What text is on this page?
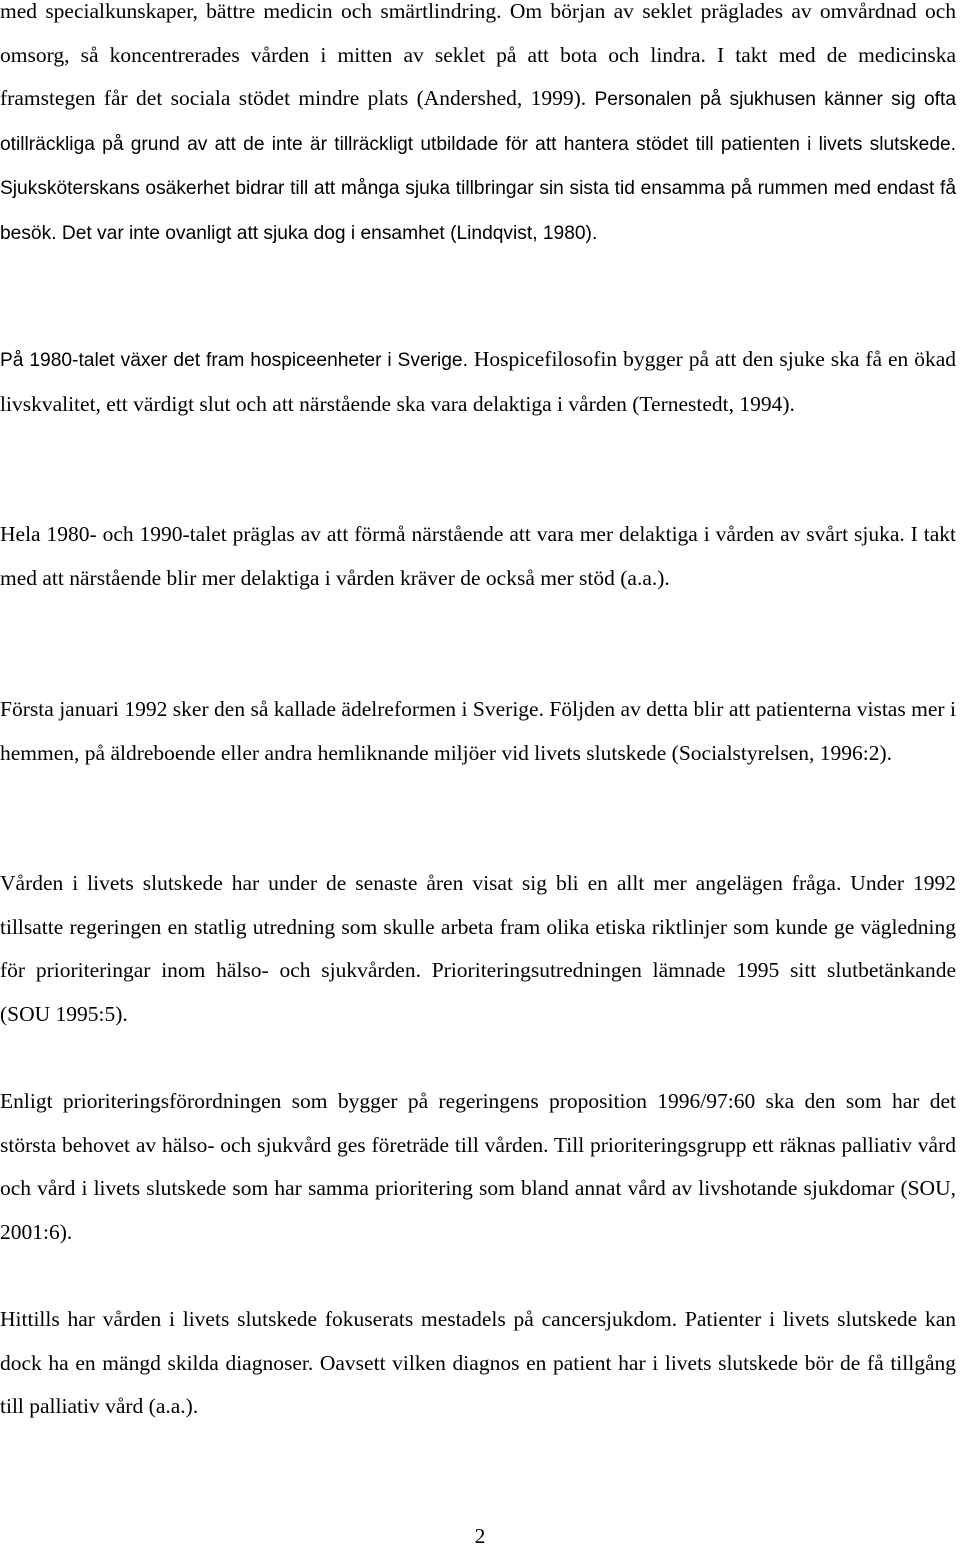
med specialkunskaper, bättre medicin och smärtlindring. Om början av seklet präglades av omvårdnad och omsorg, så koncentrerades vården i mitten av seklet på att bota och lindra. I takt med de medicinska framstegen får det sociala stödet mindre plats (Andershed, 1999). Personalen på sjukhusen känner sig ofta otillräckliga på grund av att de inte är tillräckligt utbildade för att hantera stödet till patienten i livets slutskede. Sjuksköterskans osäkerhet bidrar till att många sjuka tillbringar sin sista tid ensamma på rummen med endast få besök. Det var inte ovanligt att sjuka dog i ensamhet (Lindqvist, 1980).

På 1980-talet växer det fram hospiceenheter i Sverige. Hospicefilosofin bygger på att den sjuke ska få en ökad livskvalitet, ett värdigt slut och att närstående ska vara delaktiga i vården (Ternestedt, 1994).

Hela 1980- och 1990-talet präglas av att förmå närstående att vara mer delaktiga i vården av svårt sjuka. I takt med att närstående blir mer delaktiga i vården kräver de också mer stöd (a.a.).

Första januari 1992 sker den så kallade ädelreformen i Sverige. Följden av detta blir att patienterna vistas mer i hemmen, på äldreboende eller andra hemliknande miljöer vid livets slutskede (Socialstyrelsen, 1996:2).

Vården i livets slutskede har under de senaste åren visat sig bli en allt mer angelägen fråga. Under 1992 tillsatte regeringen en statlig utredning som skulle arbeta fram olika etiska riktlinjer som kunde ge vägledning för prioriteringar inom hälso- och sjukvården. Prioriteringsutredningen lämnade 1995 sitt slutbetänkande (SOU 1995:5).

Enligt prioriteringsförordningen som bygger på regeringens proposition 1996/97:60 ska den som har det största behovet av hälso- och sjukvård ges företräde till vården. Till prioriteringsgrupp ett räknas palliativ vård och vård i livets slutskede som har samma prioritering som bland annat vård av livshotande sjukdomar (SOU, 2001:6).

Hittills har vården i livets slutskede fokuserats mestadels på cancersjukdom. Patienter i livets slutskede kan dock ha en mängd skilda diagnoser. Oavsett vilken diagnos en patient har i livets slutskede bör de få tillgång till palliativ vård (a.a.).

2
